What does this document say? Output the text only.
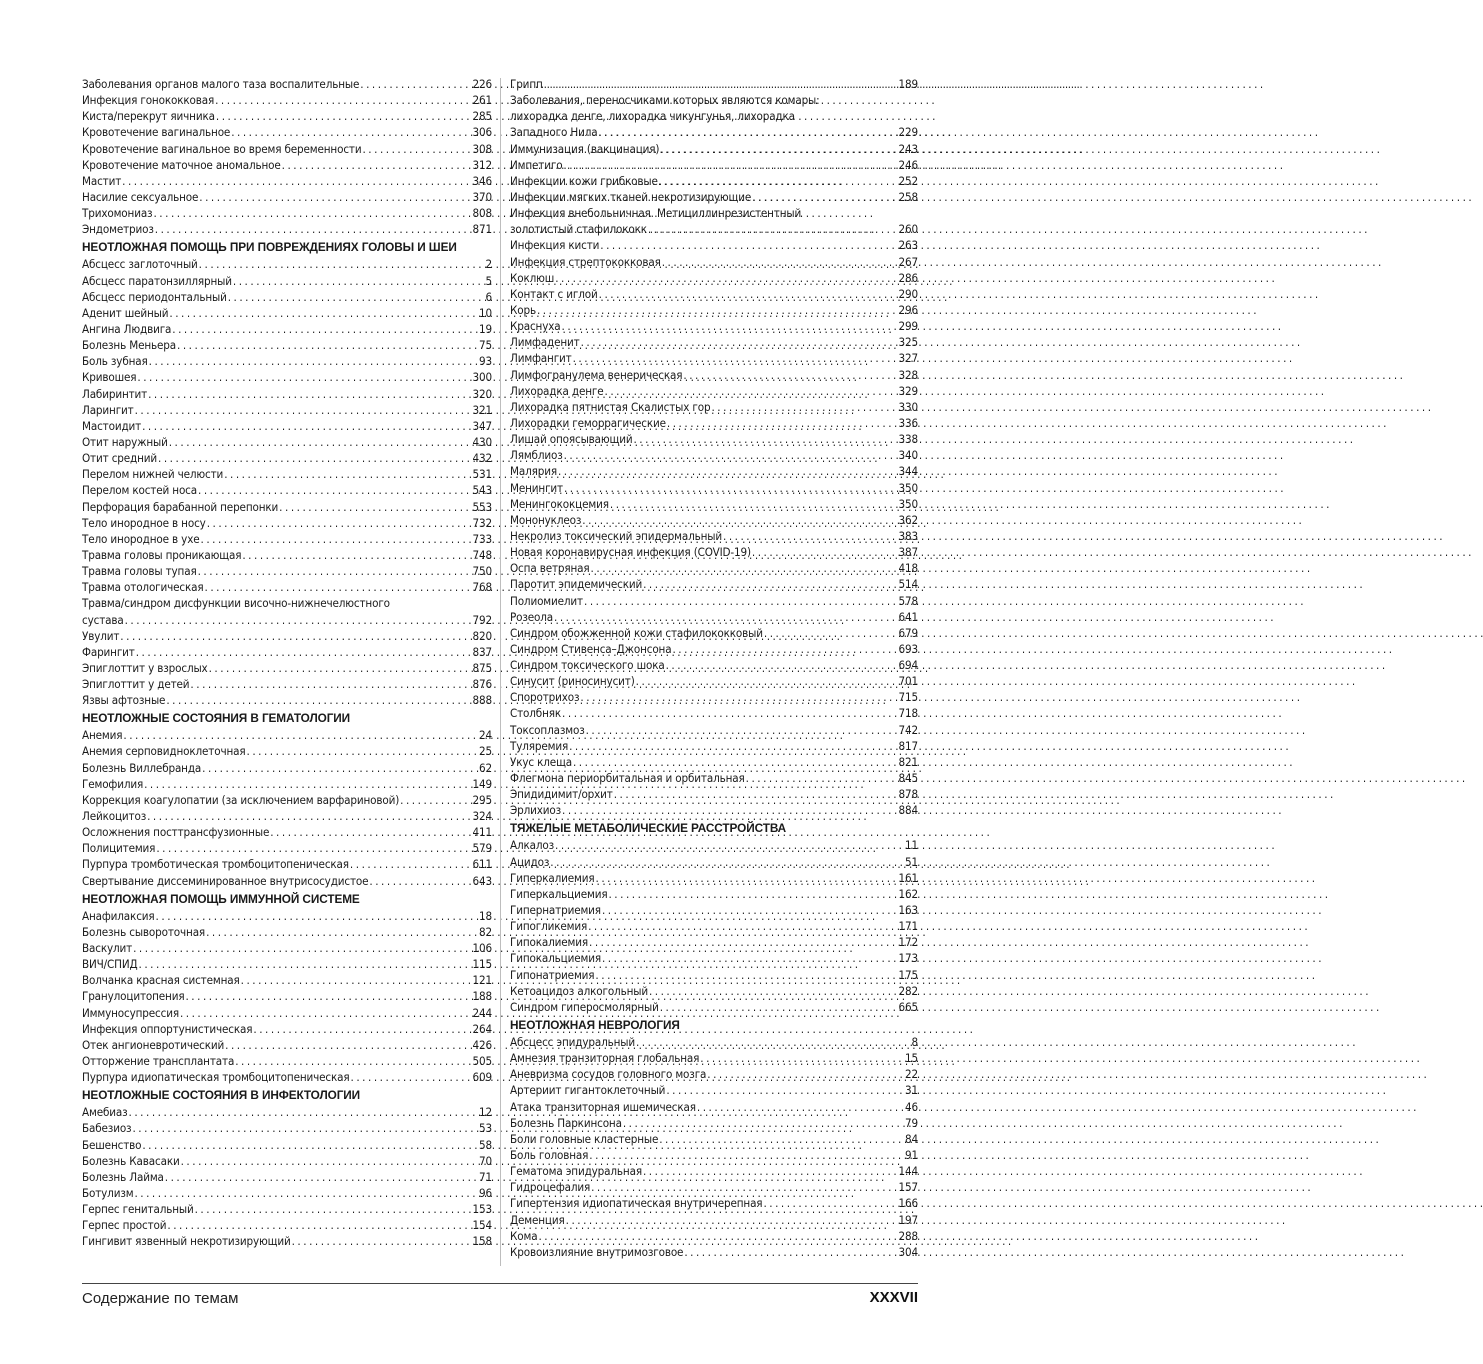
Заболевания органов малого таза воспалительные . . .	226
Инфекция гонококковая . . .	261
Киста/перекрут яичника . . .	285
Кровотечение вагинальное . . .	306
Кровотечение вагинальное во время беременности . . .	308
Кровотечение маточное аномальное . . .	312
Мастит . . .	346
Насилие сексуальное . . .	370
Трихомониаз . . .	808
Эндометриоз . . .	871
НЕОТЛОЖНАЯ ПОМОЩЬ ПРИ ПОВРЕЖДЕНИЯХ ГОЛОВЫ И ШЕИ
Абсцесс заглоточный . . .	2
Абсцесс паратонзиллярный . . .	5
Абсцесс периодонтальный . . .	6
Аденит шейный . . .	10
Ангина Людвига . . .	19
Болезнь Меньера . . .	75
Боль зубная . . .	93
Кривошея . . .	300
Лабиринтит . . .	320
Ларингит . . .	321
Мастоидит . . .	347
Отит наружный . . .	430
Отит средний . . .	432
Перелом нижней челюсти . . .	531
Перелом костей носа . . .	543
Перфорация барабанной перепонки . . .	553
Тело инородное в носу . . .	732
Тело инородное в ухе . . .	733
Травма головы проникающая . . .	748
Травма головы тупая . . .	750
Травма отологическая . . .	768
Травма/синдром дисфункции височно-нижнечелюстного
сустава . . .	792
Увулит . . .	820
Фарингит . . .	837
Эпиглоттит у взрослых . . .	875
Эпиглоттит у детей . . .	876
Язвы афтозные . . .	888
НЕОТЛОЖНЫЕ СОСТОЯНИЯ В ГЕМАТОЛОГИИ
Анемия . . .	24
Анемия серповидноклеточная . . .	25
Болезнь Виллебранда . . .	62
Гемофилия . . .	149
Коррекция коагулопатии (за исключением варфариновой) . . .	295
Лейкоцитоз . . .	324
Осложнения посттрансфузионные . . .	411
Полицитемия . . .	579
Пурпура тромботическая тромбоцитопеническая . . .	611
Свертывание диссеминированное внутрисосудистое . . .	643
НЕОТЛОЖНАЯ ПОМОЩЬ ИММУННОЙ СИСТЕМЕ
Анафилаксия . . .	18
Болезнь сывороточная . . .	82
Васкулит . . .	106
ВИЧ/СПИД . . .	115
Волчанка красная системная . . .	121
Гранулоцитопения . . .	188
Иммуносупрессия . . .	244
Инфекция оппортунистическая . . .	264
Отек ангионевротический . . .	426
Отторжение трансплантата . . .	505
Пурпура идиопатическая тромбоцитопеническая . . .	609
НЕОТЛОЖНЫЕ СОСТОЯНИЯ В ИНФЕКТОЛОГИИ
Амебиаз . . .	12
Бабезиоз . . .	53
Бешенство . . .	58
Болезнь Кавасаки . . .	70
Болезнь Лайма . . .	71
Ботулизм . . .	96
Герпес генитальный . . .	153
Герпес простой . . .	154
Гингивит язвенный некротизирующий . . .	158
Грипп . . .	189
Заболевания, переносчиками которых являются комары:
лихорадка денге, лихорадка чикунгунья, лихорадка
Западного Нила . . .	229
Иммунизация (вакцинация) . . .	243
Импетиго . . .	246
Инфекции кожи грибковые . . .	252
Инфекции мягких тканей некротизирующие . . .	258
Инфекция внебольничная. Метициллинрезистентный
золотистый стафилококк . . .	260
Инфекция кисти . . .	263
Инфекция стрептококковая . . .	267
Коклюш . . .	286
Контакт с иглой . . .	290
Корь . . .	296
Краснуха . . .	299
Лимфаденит . . .	325
Лимфангит . . .	327
Лимфогранулема венерическая . . .	328
Лихорадка денге . . .	329
Лихорадка пятнистая Скалистых гор . . .	330
Лихорадки геморрагические . . .	336
Лишай опоясывающий . . .	338
Лямблиоз . . .	340
Малярия . . .	344
Менингит . . .	350
Менингококцемия . . .	350
Мононуклеоз . . .	362
Некролиз токсический эпидермальный . . .	383
Новая коронавирусная инфекция (COVID-19) . . .	387
Оспа ветряная . . .	418
Паротит эпидемический . . .	514
Полиомиелит . . .	578
Розеола . . .	641
Синдром обожженной кожи стафилококковый . . .	679
Синдром Стивенса–Джонсона . . .	693
Синдром токсического шока . . .	694
Синусит (риносинусит) . . .	701
Споротрихоз . . .	715
Столбняк . . .	718
Токсоплазмоз . . .	742
Туляремия . . .	817
Укус клеща . . .	821
Флегмона периорбитальная и орбитальная . . .	845
Эпидидимит/орхит . . .	878
Эрлихиоз . . .	884
ТЯЖЕЛЫЕ МЕТАБОЛИЧЕСКИЕ РАССТРОЙСТВА
Алкалоз . . .	11
Ацидоз . . .	51
Гиперкалиемия . . .	161
Гиперкальциемия . . .	162
Гипернатриемия . . .	163
Гипогликемия . . .	171
Гипокалиемия . . .	172
Гипокальциемия . . .	173
Гипонатриемия . . .	175
Кетоацидоз алкогольный . . .	282
Синдром гиперосмолярный . . .	665
НЕОТЛОЖНАЯ НЕВРОЛОГИЯ
Абсцесс эпидуральный . . .	8
Амнезия транзиторная глобальная . . .	15
Аневризма сосудов головного мозга . . .	22
Артериит гигантоклеточный . . .	31
Атака транзиторная ишемическая . . .	46
Болезнь Паркинсона . . .	79
Боли головные кластерные . . .	84
Боль головная . . .	91
Гематома эпидуральная . . .	144
Гидроцефалия . . .	157
Гипертензия идиопатическая внутричерепная . . .	166
Деменция . . .	197
Кома . . .	288
Кровоизлияние внутримозговое . . .	304
Содержание по темам	XXXVII
